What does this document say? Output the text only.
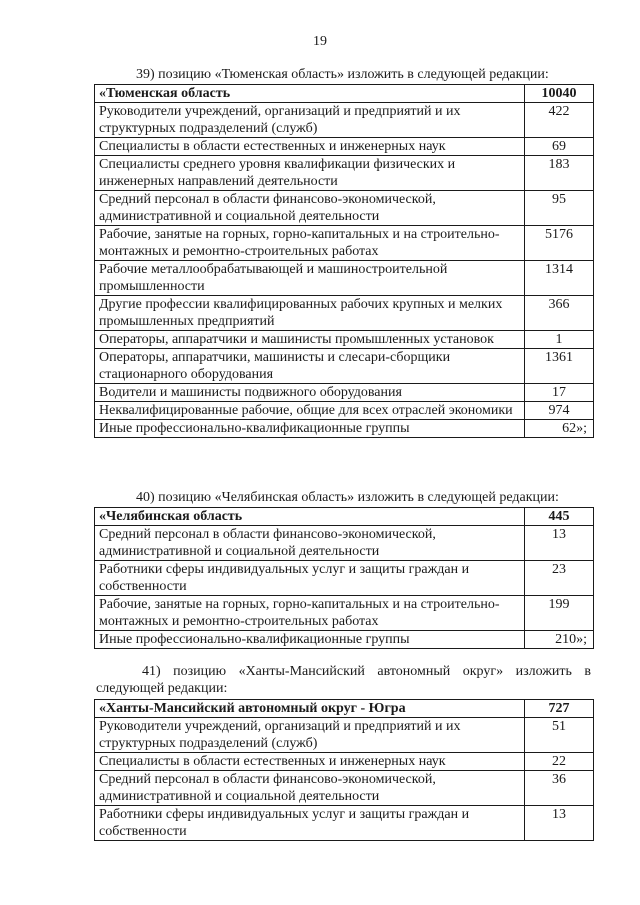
19
39) позицию «Тюменская область» изложить в следующей редакции:
«Тюменская область	10040
Руководители учреждений, организаций и предприятий и их структурных подразделений (служб)	422
Специалисты в области естественных и инженерных наук	69
Специалисты среднего уровня квалификации физических и инженерных направлений деятельности	183
Средний персонал в области финансово-экономической, административной и социальной деятельности	95
Рабочие, занятые на горных, горно-капитальных и на строительно-монтажных и ремонтно-строительных работах	5176
Рабочие металлообрабатывающей и машиностроительной промышленности	1314
Другие профессии квалифицированных рабочих крупных и мелких промышленных предприятий	366
Операторы, аппаратчики и машинисты промышленных установок	1
Операторы, аппаратчики, машинисты и слесари-сборщики стационарного оборудования	1361
Водители и машинисты подвижного оборудования	17
Неквалифицированные рабочие, общие для всех отраслей экономики	974
Иные профессионально-квалификационные группы	62»;
40) позицию «Челябинская область» изложить в следующей редакции:
«Челябинская область	445
Средний персонал в области финансово-экономической, административной и социальной деятельности	13
Работники сферы индивидуальных услуг и защиты граждан и собственности	23
Рабочие, занятые на горных, горно-капитальных и на строительно-монтажных и ремонтно-строительных работах	199
Иные профессионально-квалификационные группы	210»;
41) позицию «Ханты-Мансийский автономный округ» изложить в следующей редакции:
«Ханты-Мансийский автономный округ - Югра	727
Руководители учреждений, организаций и предприятий и их структурных подразделений (служб)	51
Специалисты в области естественных и инженерных наук	22
Средний персонал в области финансово-экономической, административной и социальной деятельности	36
Работники сферы индивидуальных услуг и защиты граждан и собственности	13
